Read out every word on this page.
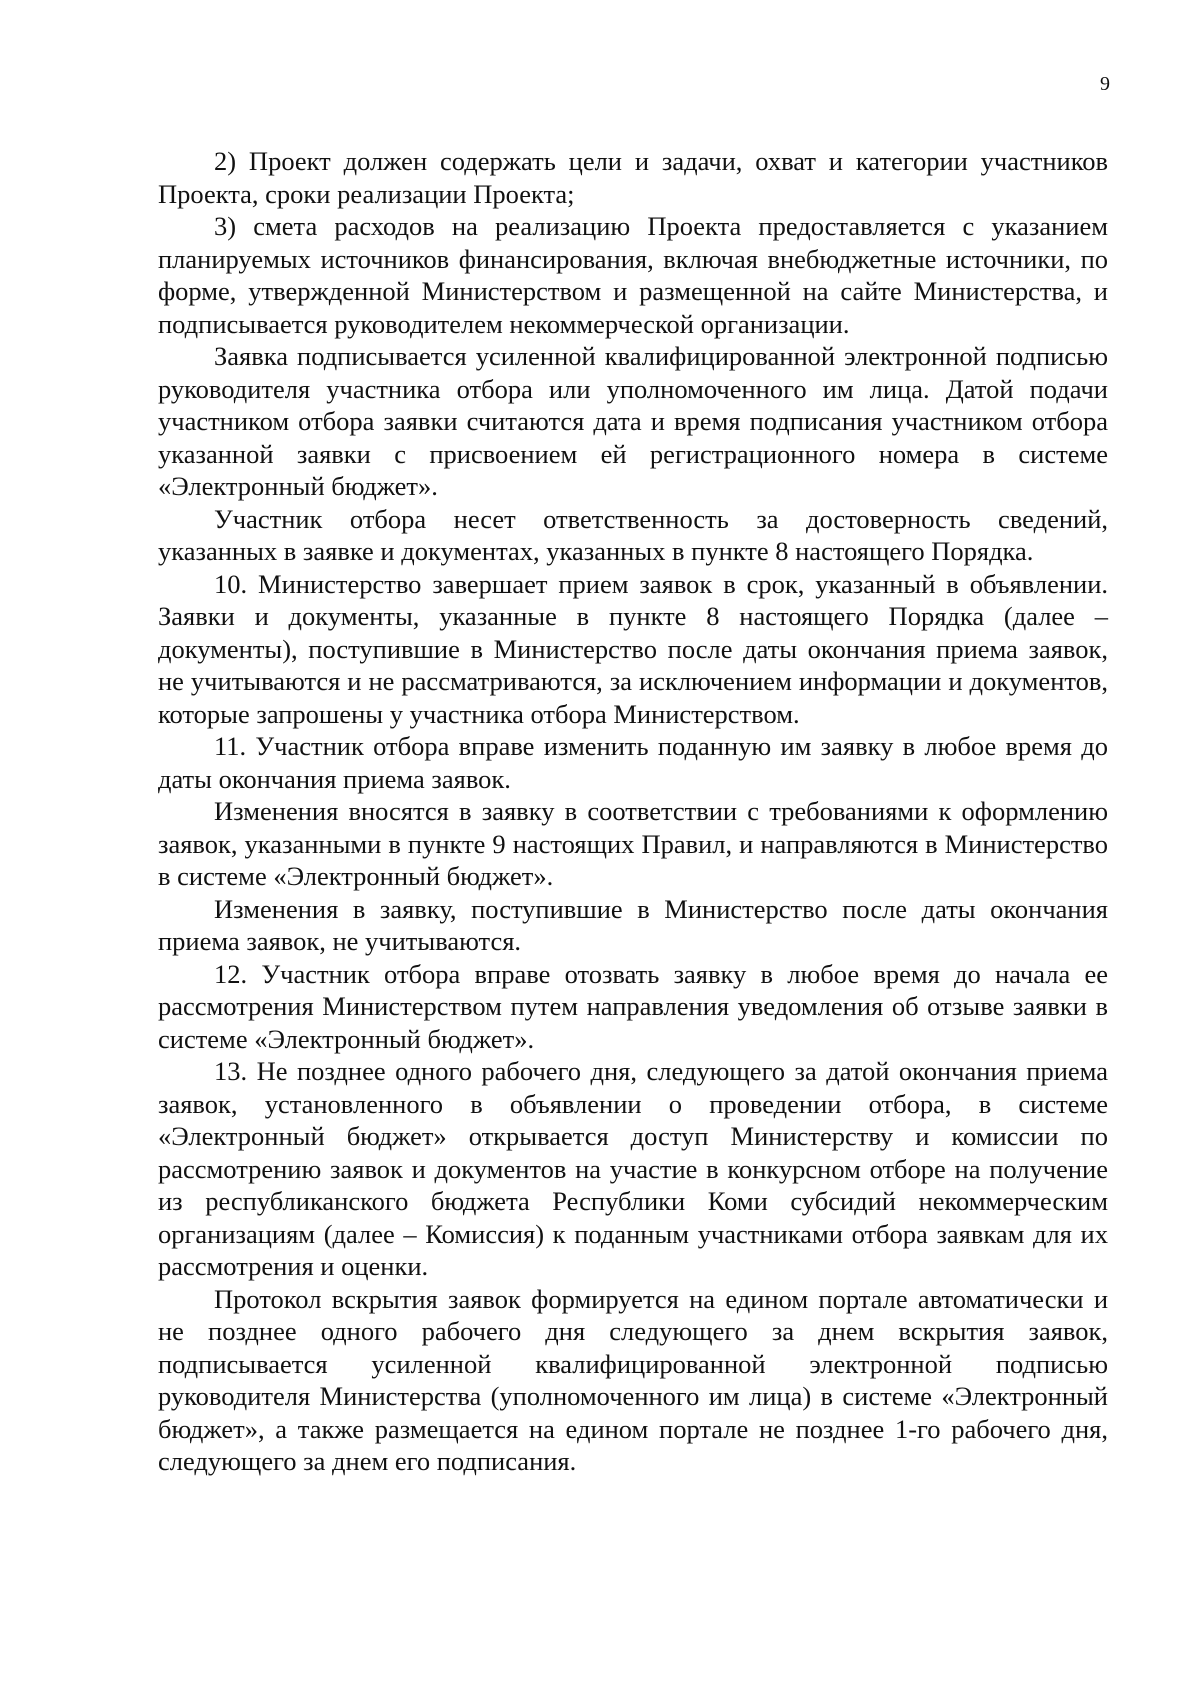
9

2) Проект должен содержать цели и задачи, охват и категории участников Проекта, сроки реализации Проекта;

3) смета расходов на реализацию Проекта предоставляется с указанием планируемых источников финансирования, включая внебюджетные источники, по форме, утвержденной Министерством и размещенной на сайте Министерства, и подписывается руководителем некоммерческой организации.

Заявка подписывается усиленной квалифицированной электронной подписью руководителя участника отбора или уполномоченного им лица. Датой подачи участником отбора заявки считаются дата и время подписания участником отбора указанной заявки с присвоением ей регистрационного номера в системе «Электронный бюджет».

Участник отбора несет ответственность за достоверность сведений, указанных в заявке и документах, указанных в пункте 8 настоящего Порядка.

10. Министерство завершает прием заявок в срок, указанный в объявлении. Заявки и документы, указанные в пункте 8 настоящего Порядка (далее – документы), поступившие в Министерство после даты окончания приема заявок, не учитываются и не рассматриваются, за исключением информации и документов, которые запрошены у участника отбора Министерством.

11. Участник отбора вправе изменить поданную им заявку в любое время до даты окончания приема заявок.

Изменения вносятся в заявку в соответствии с требованиями к оформлению заявок, указанными в пункте 9 настоящих Правил, и направляются в Министерство в системе «Электронный бюджет».

Изменения в заявку, поступившие в Министерство после даты окончания приема заявок, не учитываются.

12. Участник отбора вправе отозвать заявку в любое время до начала ее рассмотрения Министерством путем направления уведомления об отзыве заявки в системе «Электронный бюджет».

13. Не позднее одного рабочего дня, следующего за датой окончания приема заявок, установленного в объявлении о проведении отбора, в системе «Электронный бюджет» открывается доступ Министерству и комиссии по рассмотрению заявок и документов на участие в конкурсном отборе на получение из республиканского бюджета Республики Коми субсидий некоммерческим организациям (далее – Комиссия) к поданным участниками отбора заявкам для их рассмотрения и оценки.

Протокол вскрытия заявок формируется на едином портале автоматически и не позднее одного рабочего дня следующего за днем вскрытия заявок, подписывается усиленной квалифицированной электронной подписью руководителя Министерства (уполномоченного им лица) в системе «Электронный бюджет», а также размещается на едином портале не позднее 1-го рабочего дня, следующего за днем его подписания.
